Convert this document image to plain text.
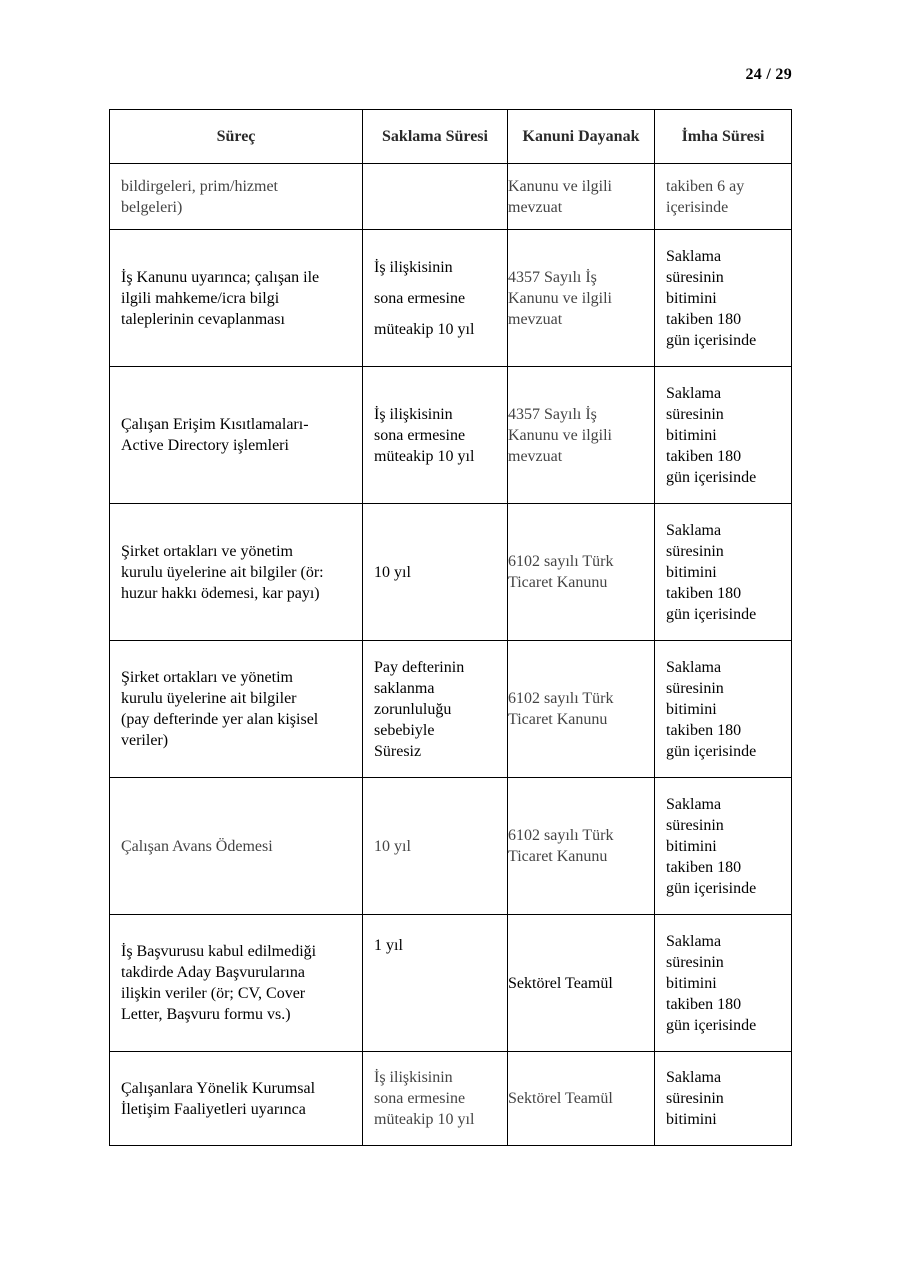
24 / 29
Süreç	Saklama Süresi	Kanuni Dayanak	İmha Süresi

bildirgeleri, prim/hizmet
belgeleri)		Kanunu ve ilgili
mevzuat	takiben 6 ay
içerisinde

İş Kanunu uyarınca; çalışan ile
ilgili mahkeme/icra bilgi
taleplerinin cevaplanması	İş ilişkisinin
sona ermesine
müteakip 10 yıl	4357 Sayılı İş
Kanunu ve ilgili
mevzuat	Saklama
süresinin
bitimini
takiben 180
gün içerisinde

Çalışan Erişim Kısıtlamaları-
Active Directory işlemleri	İş ilişkisinin
sona ermesine
müteakip 10 yıl	4357 Sayılı İş
Kanunu ve ilgili
mevzuat	Saklama
süresinin
bitimini
takiben 180
gün içerisinde

Şirket ortakları ve yönetim
kurulu üyelerine ait bilgiler (ör:
huzur hakkı ödemesi, kar payı)	10 yıl	6102 sayılı Türk
Ticaret Kanunu	Saklama
süresinin
bitimini
takiben 180
gün içerisinde

Şirket ortakları ve yönetim
kurulu üyelerine ait bilgiler
(pay defterinde yer alan kişisel
veriler)	Pay defterinin
saklanma
zorunluluğu
sebebiyle
Süresiz	6102 sayılı Türk
Ticaret Kanunu	Saklama
süresinin
bitimini
takiben 180
gün içerisinde

Çalışan Avans Ödemesi	10 yıl	6102 sayılı Türk
Ticaret Kanunu	Saklama
süresinin
bitimini
takiben 180
gün içerisinde

İş Başvurusu kabul edilmediği
takdirde Aday Başvurularına
ilişkin veriler (ör; CV, Cover
Letter, Başvuru formu vs.)	1 yıl	Sektörel Teamül	Saklama
süresinin
bitimini
takiben 180
gün içerisinde

Çalışanlara Yönelik Kurumsal
İletişim Faaliyetleri uyarınca	İş ilişkisinin
sona ermesine
müteakip 10 yıl	Sektörel Teamül	Saklama
süresinin
bitimini
